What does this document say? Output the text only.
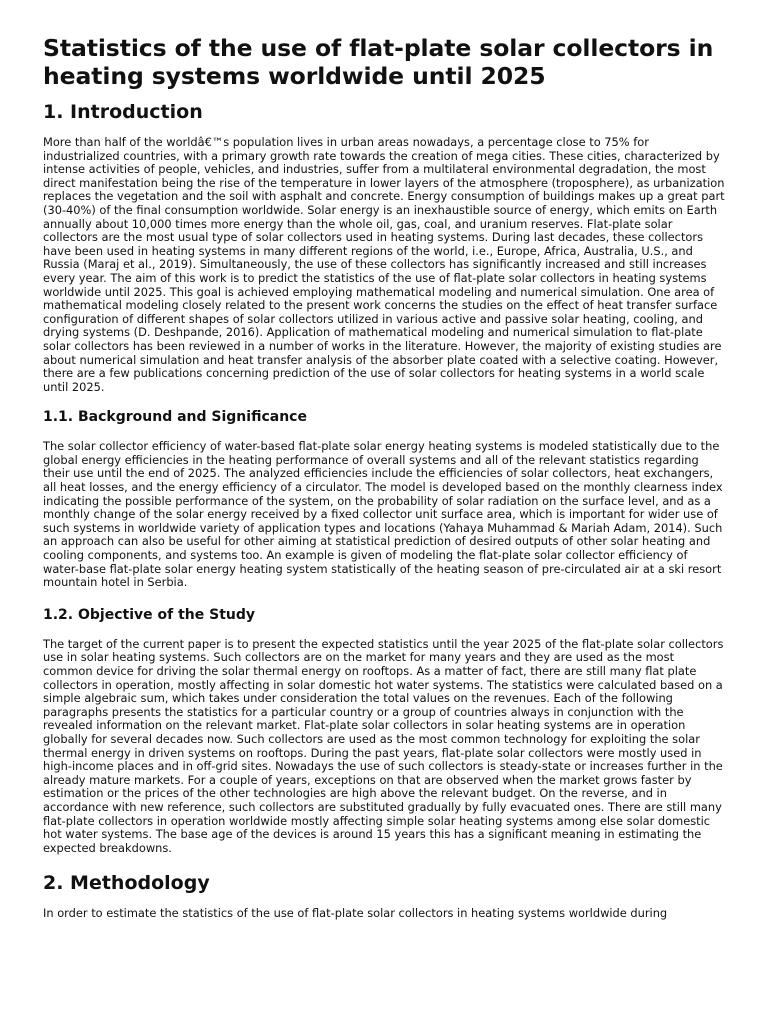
Statistics of the use of flat-plate solar collectors in heating systems worldwide until 2025
1. Introduction

More than half of the worldâ€™s population lives in urban areas nowadays, a percentage close to 75% for industrialized countries, with a primary growth rate towards the creation of mega cities. These cities, characterized by intense activities of people, vehicles, and industries, suffer from a multilateral environmental degradation, the most direct manifestation being the rise of the temperature in lower layers of the atmosphere (troposphere), as urbanization replaces the vegetation and the soil with asphalt and concrete. Energy consumption of buildings makes up a great part (30-40%) of the final consumption worldwide. Solar energy is an inexhaustible source of energy, which emits on Earth annually about 10,000 times more energy than the whole oil, gas, coal, and uranium reserves. Flat-plate solar collectors are the most usual type of solar collectors used in heating systems. During last decades, these collectors have been used in heating systems in many different regions of the world, i.e., Europe, Africa, Australia, U.S., and Russia (Maraj et al., 2019). Simultaneously, the use of these collectors has significantly increased and still increases every year. The aim of this work is to predict the statistics of the use of flat-plate solar collectors in heating systems worldwide until 2025. This goal is achieved employing mathematical modeling and numerical simulation. One area of mathematical modeling closely related to the present work concerns the studies on the effect of heat transfer surface configuration of different shapes of solar collectors utilized in various active and passive solar heating, cooling, and drying systems (D. Deshpande, 2016). Application of mathematical modeling and numerical simulation to flat-plate solar collectors has been reviewed in a number of works in the literature. However, the majority of existing studies are about numerical simulation and heat transfer analysis of the absorber plate coated with a selective coating. However, there are a few publications concerning prediction of the use of solar collectors for heating systems in a world scale until 2025.

1.1. Background and Significance

The solar collector efficiency of water-based flat-plate solar energy heating systems is modeled statistically due to the global energy efficiencies in the heating performance of overall systems and all of the relevant statistics regarding their use until the end of 2025. The analyzed efficiencies include the efficiencies of solar collectors, heat exchangers, all heat losses, and the energy efficiency of a circulator. The model is developed based on the monthly clearness index indicating the possible performance of the system, on the probability of solar radiation on the surface level, and as a monthly change of the solar energy received by a fixed collector unit surface area, which is important for wider use of such systems in worldwide variety of application types and locations (Yahaya Muhammad & Mariah Adam, 2014). Such an approach can also be useful for other aiming at statistical prediction of desired outputs of other solar heating and cooling components, and systems too. An example is given of modeling the flat-plate solar collector efficiency of water-base flat-plate solar energy heating system statistically of the heating season of pre-circulated air at a ski resort mountain hotel in Serbia.

1.2. Objective of the Study

The target of the current paper is to present the expected statistics until the year 2025 of the flat-plate solar collectors use in solar heating systems. Such collectors are on the market for many years and they are used as the most common device for driving the solar thermal energy on rooftops. As a matter of fact, there are still many flat plate collectors in operation, mostly affecting in solar domestic hot water systems. The statistics were calculated based on a simple algebraic sum, which takes under consideration the total values on the revenues. Each of the following paragraphs presents the statistics for a particular country or a group of countries always in conjunction with the revealed information on the relevant market. Flat-plate solar collectors in solar heating systems are in operation globally for several decades now. Such collectors are used as the most common technology for exploiting the solar thermal energy in driven systems on rooftops. During the past years, flat-plate solar collectors were mostly used in high-income places and in off-grid sites. Nowadays the use of such collectors is steady-state or increases further in the already mature markets. For a couple of years, exceptions on that are observed when the market grows faster by estimation or the prices of the other technologies are high above the relevant budget. On the reverse, and in accordance with new reference, such collectors are substituted gradually by fully evacuated ones. There are still many flat-plate collectors in operation worldwide mostly affecting simple solar heating systems among else solar domestic hot water systems. The base age of the devices is around 15 years this has a significant meaning in estimating the expected breakdowns.

2. Methodology

In order to estimate the statistics of the use of flat-plate solar collectors in heating systems worldwide during
